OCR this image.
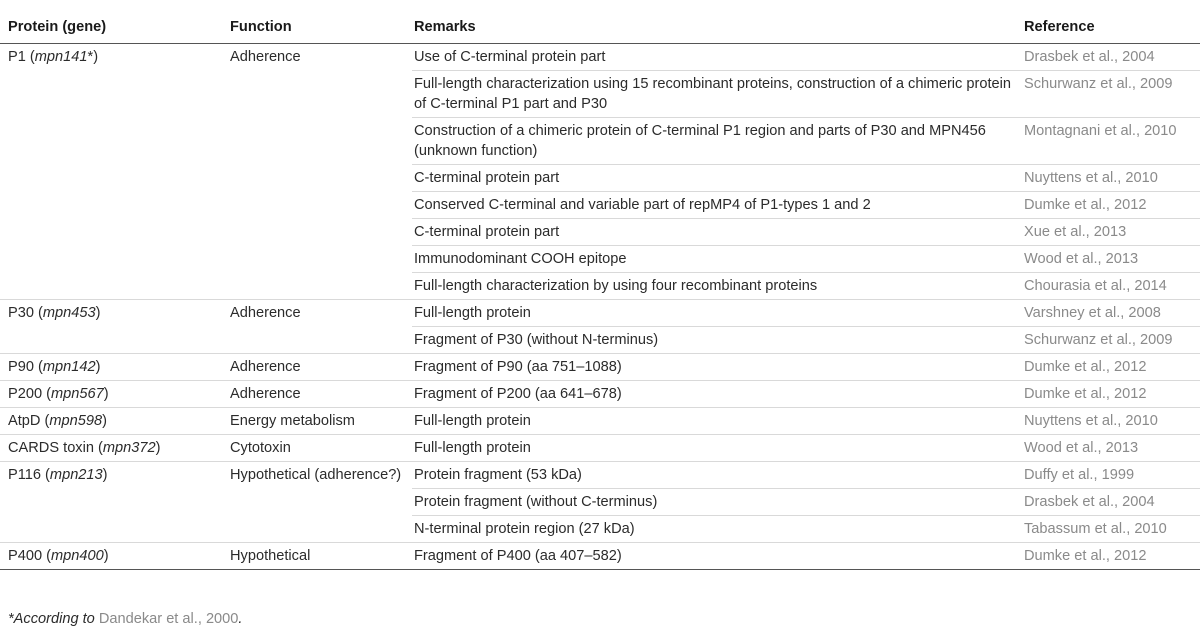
Protein (gene)	Function	Remarks	Reference
P1 (mpn141*)	Adherence	Use of C-terminal protein part	Drasbek et al., 2004
		Full-length characterization using 15 recombinant proteins, construction of a chimeric protein of C-terminal P1 part and P30	Schurwanz et al., 2009
		Construction of a chimeric protein of C-terminal P1 region and parts of P30 and MPN456 (unknown function)	Montagnani et al., 2010
		C-terminal protein part	Nuyttens et al., 2010
		Conserved C-terminal and variable part of repMP4 of P1-types 1 and 2	Dumke et al., 2012
		C-terminal protein part	Xue et al., 2013
		Immunodominant COOH epitope	Wood et al., 2013
		Full-length characterization by using four recombinant proteins	Chourasia et al., 2014
P30 (mpn453)	Adherence	Full-length protein	Varshney et al., 2008
		Fragment of P30 (without N-terminus)	Schurwanz et al., 2009
P90 (mpn142)	Adherence	Fragment of P90 (aa 751–1088)	Dumke et al., 2012
P200 (mpn567)	Adherence	Fragment of P200 (aa 641–678)	Dumke et al., 2012
AtpD (mpn598)	Energy metabolism	Full-length protein	Nuyttens et al., 2010
CARDS toxin (mpn372)	Cytotoxin	Full-length protein	Wood et al., 2013
P116 (mpn213)	Hypothetical (adherence?)	Protein fragment (53 kDa)	Duffy et al., 1999
		Protein fragment (without C-terminus)	Drasbek et al., 2004
		N-terminal protein region (27 kDa)	Tabassum et al., 2010
P400 (mpn400)	Hypothetical	Fragment of P400 (aa 407–582)	Dumke et al., 2012
*According to Dandekar et al., 2000.
